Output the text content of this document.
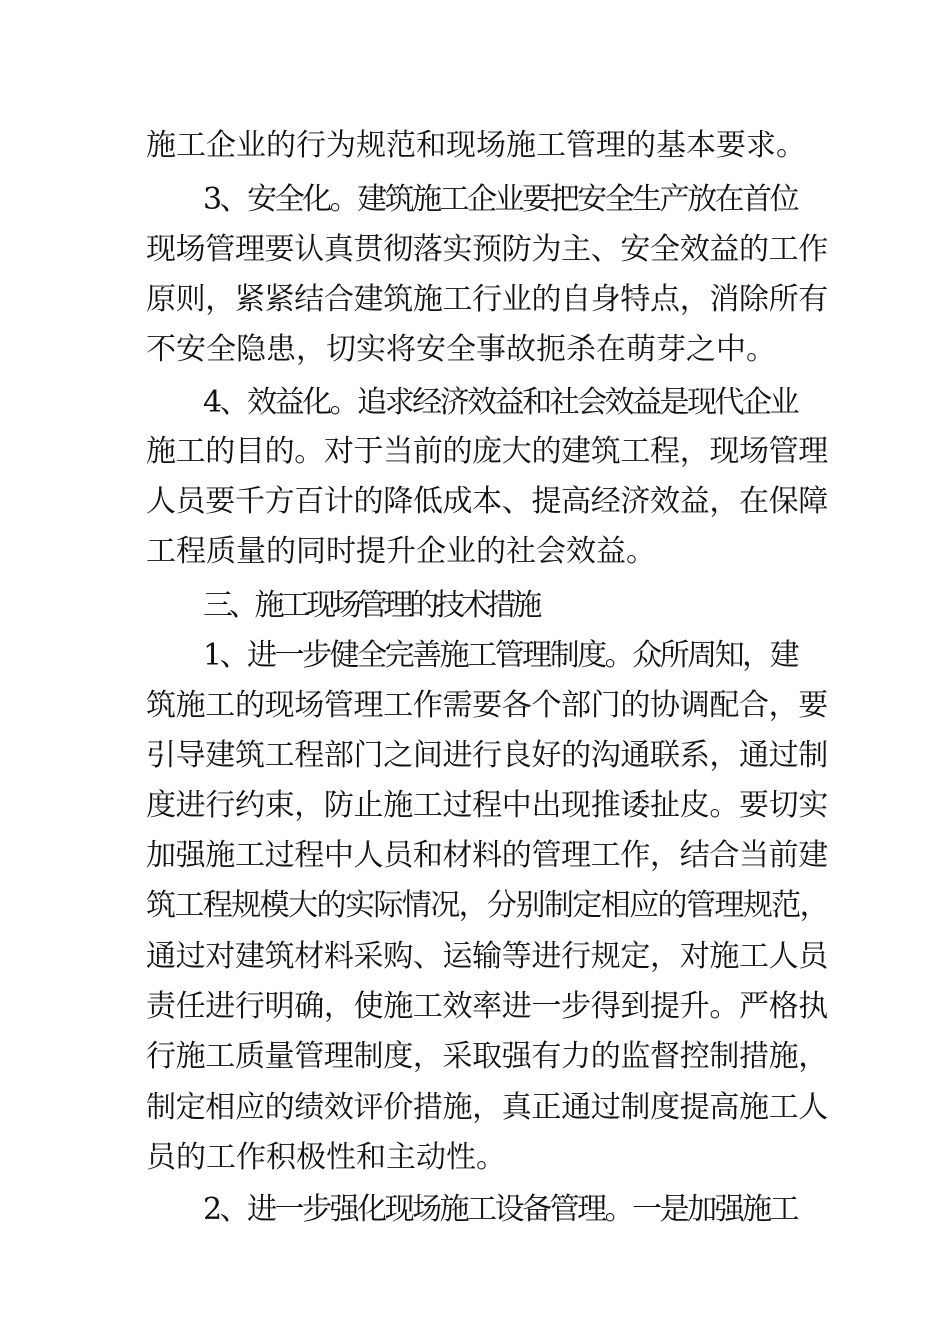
施工企业的行为规范和现场施工管理的基本要求。
3、安全化。建筑施工企业要把安全生产放在首位
现场管理要认真贯彻落实预防为主、安全效益的工作
原则，紧紧结合建筑施工行业的自身特点，消除所有
不安全隐患，切实将安全事故扼杀在萌芽之中。
4、效益化。追求经济效益和社会效益是现代企业
施工的目的。对于当前的庞大的建筑工程，现场管理
人员要千方百计的降低成本、提高经济效益，在保障
工程质量的同时提升企业的社会效益。
三、施工现场管理的技术措施
1、进一步健全完善施工管理制度。众所周知，建
筑施工的现场管理工作需要各个部门的协调配合，要
引导建筑工程部门之间进行良好的沟通联系，通过制
度进行约束，防止施工过程中出现推诿扯皮。要切实
加强施工过程中人员和材料的管理工作，结合当前建
筑工程规模大的实际情况，分别制定相应的管理规范，
通过对建筑材料采购、运输等进行规定，对施工人员
责任进行明确，使施工效率进一步得到提升。严格执
行施工质量管理制度，采取强有力的监督控制措施，
制定相应的绩效评价措施，真正通过制度提高施工人
员的工作积极性和主动性。
2、进一步强化现场施工设备管理。一是加强施工
